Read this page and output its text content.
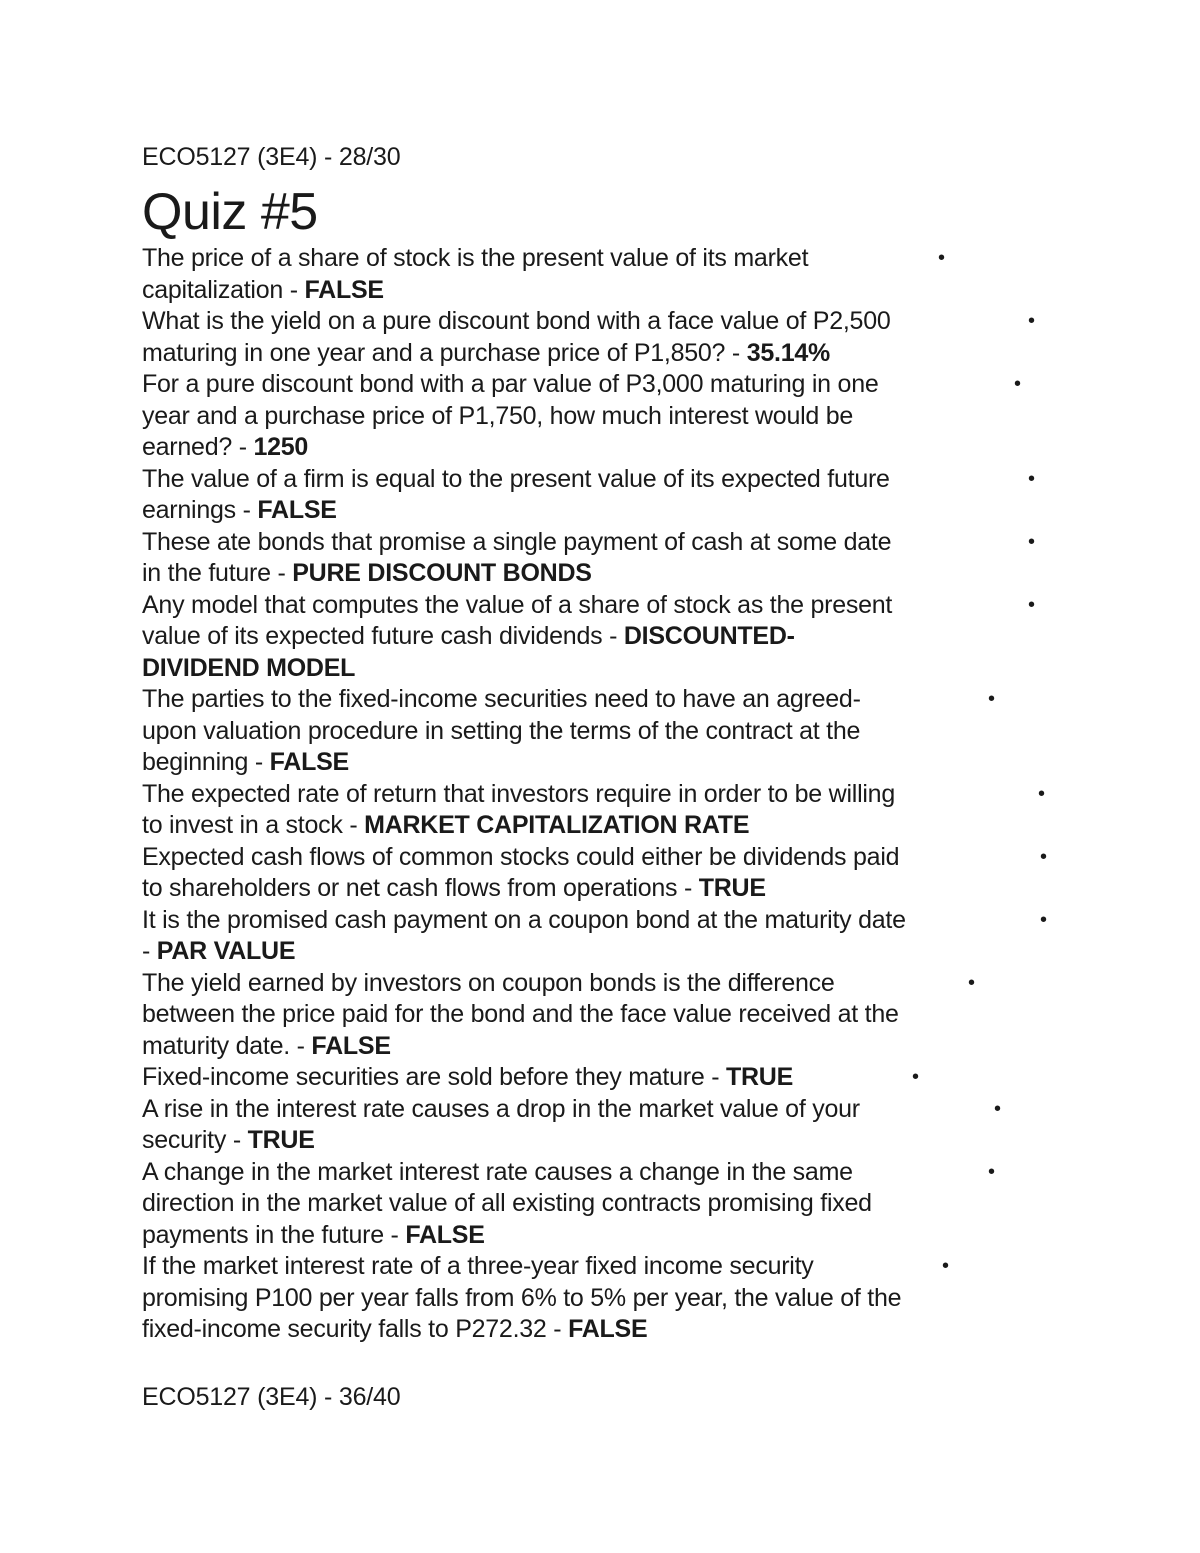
ECO5127 (3E4) - 28/30
Quiz #5
The price of a share of stock is the present value of its market
capitalization - FALSE
•
What is the yield on a pure discount bond with a face value of P2,500
maturing in one year and a purchase price of P1,850? - 35.14%
•
For a pure discount bond with a par value of P3,000 maturing in one
year and a purchase price of P1,750, how much interest would be
earned? - 1250
•
The value of a firm is equal to the present value of its expected future
earnings - FALSE
•
These ate bonds that promise a single payment of cash at some date
in the future - PURE DISCOUNT BONDS
•
Any model that computes the value of a share of stock as the present
value of its expected future cash dividends - DISCOUNTED-
DIVIDEND MODEL
•
The parties to the fixed-income securities need to have an agreed-
upon valuation procedure in setting the terms of the contract at the
beginning - FALSE
•
The expected rate of return that investors require in order to be willing
to invest in a stock - MARKET CAPITALIZATION RATE
•
Expected cash flows of common stocks could either be dividends paid
to shareholders or net cash flows from operations - TRUE
•
It is the promised cash payment on a coupon bond at the maturity date
- PAR VALUE
•
The yield earned by investors on coupon bonds is the difference
between the price paid for the bond and the face value received at the
maturity date. - FALSE
•
Fixed-income securities are sold before they mature - TRUE	•
A rise in the interest rate causes a drop in the market value of your
security - TRUE
•
A change in the market interest rate causes a change in the same
direction in the market value of all existing contracts promising fixed
payments in the future - FALSE
•
If the market interest rate of a three-year fixed income security
promising P100 per year falls from 6% to 5% per year, the value of the
fixed-income security falls to P272.32 - FALSE
•
ECO5127 (3E4) - 36/40
